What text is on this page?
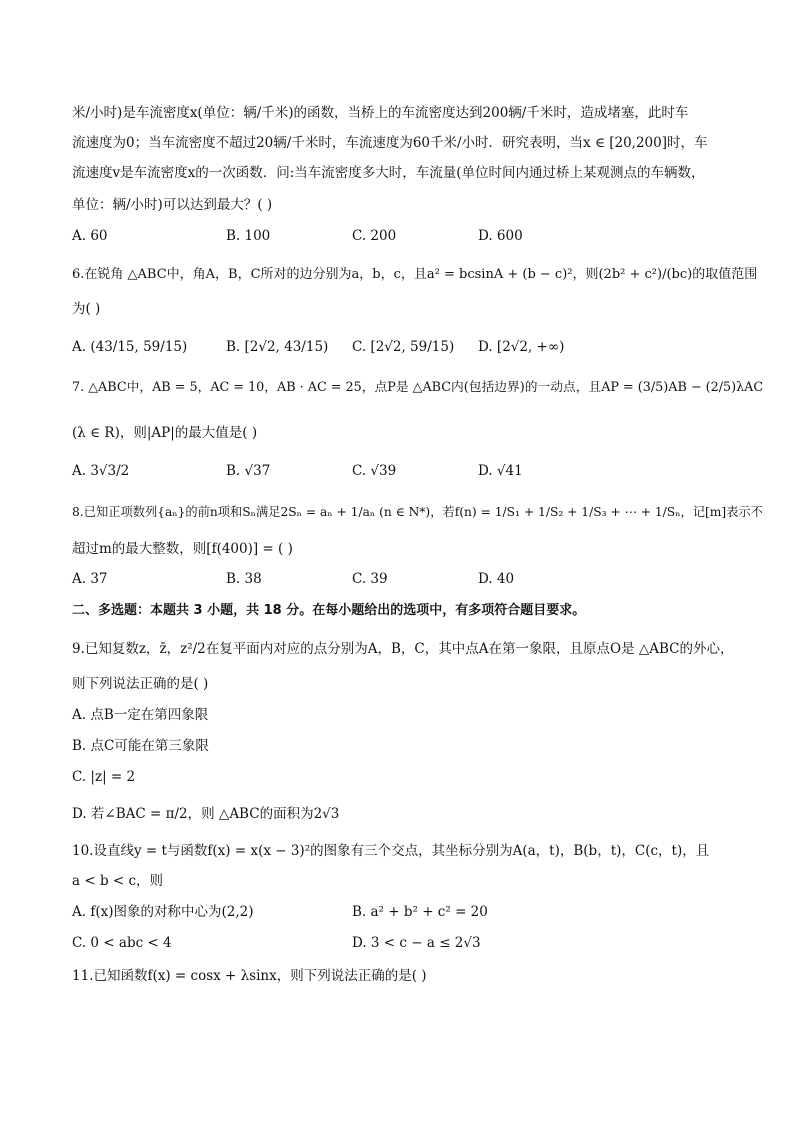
米/小时)是车流密度x(单位：辆/千米)的函数，当桥上的车流密度达到200辆/千米时，造成堵塞，此时车
流速度为0；当车流密度不超过20辆/千米时，车流速度为60千米/小时．研究表明，当x ∈ [20,200]时，车
流速度v是车流密度x的一次函数．问:当车流密度多大时，车流量(单位时间内通过桥上某观测点的车辆数，
单位：辆/小时)可以达到最大？( )
A. 60	B. 100	C. 200	D. 600
6.在锐角 △ABC中，角A，B，C所对的边分别为a，b，c，且a² = bcsinA + (b − c)²，则(2b² + c²)/(bc)的取值范围
为( )
A. (43/15, 59/15)	B. [2√2, 43/15) C. [2√2, 59/15) D. [2√2, +∞)
7. △ABC中，AB = 5，AC = 10，AB · AC = 25，点P是 △ABC内(包括边界)的一动点，且AP = (3/5)AB − (2/5)λAC
(λ ∈ R)，则|AP|的最大值是( )
A. 3√3/2	B. √37	C. √39	D. √41
8.已知正项数列{aₙ}的前n项和Sₙ满足2Sₙ = aₙ + 1/aₙ (n ∈ N*)，若f(n) = 1/S₁ + 1/S₂ + 1/S₃ + ⋯ + 1/Sₙ，记[m]表示不
超过m的最大整数，则[f(400)] = ( )
A. 37	B. 38	C. 39	D. 40
二、多选题：本题共 3 小题，共 18 分。在每小题给出的选项中，有多项符合题目要求。
9.已知复数z，z̄，z²/2在复平面内对应的点分别为A，B，C，其中点A在第一象限，且原点O是 △ABC的外心，
则下列说法正确的是( )
A. 点B一定在第四象限
B. 点C可能在第三象限
C. |z| = 2
D. 若∠BAC = π/2，则 △ABC的面积为2√3
10.设直线y = t与函数f(x) = x(x − 3)²的图象有三个交点，其坐标分别为A(a，t)，B(b，t)，C(c，t)，且
a < b < c，则
A. f(x)图象的对称中心为(2,2)	B. a² + b² + c² = 20
C. 0 < abc < 4	D. 3 < c − a ≤ 2√3
11.已知函数f(x) = cosx + λsinx，则下列说法正确的是( )
